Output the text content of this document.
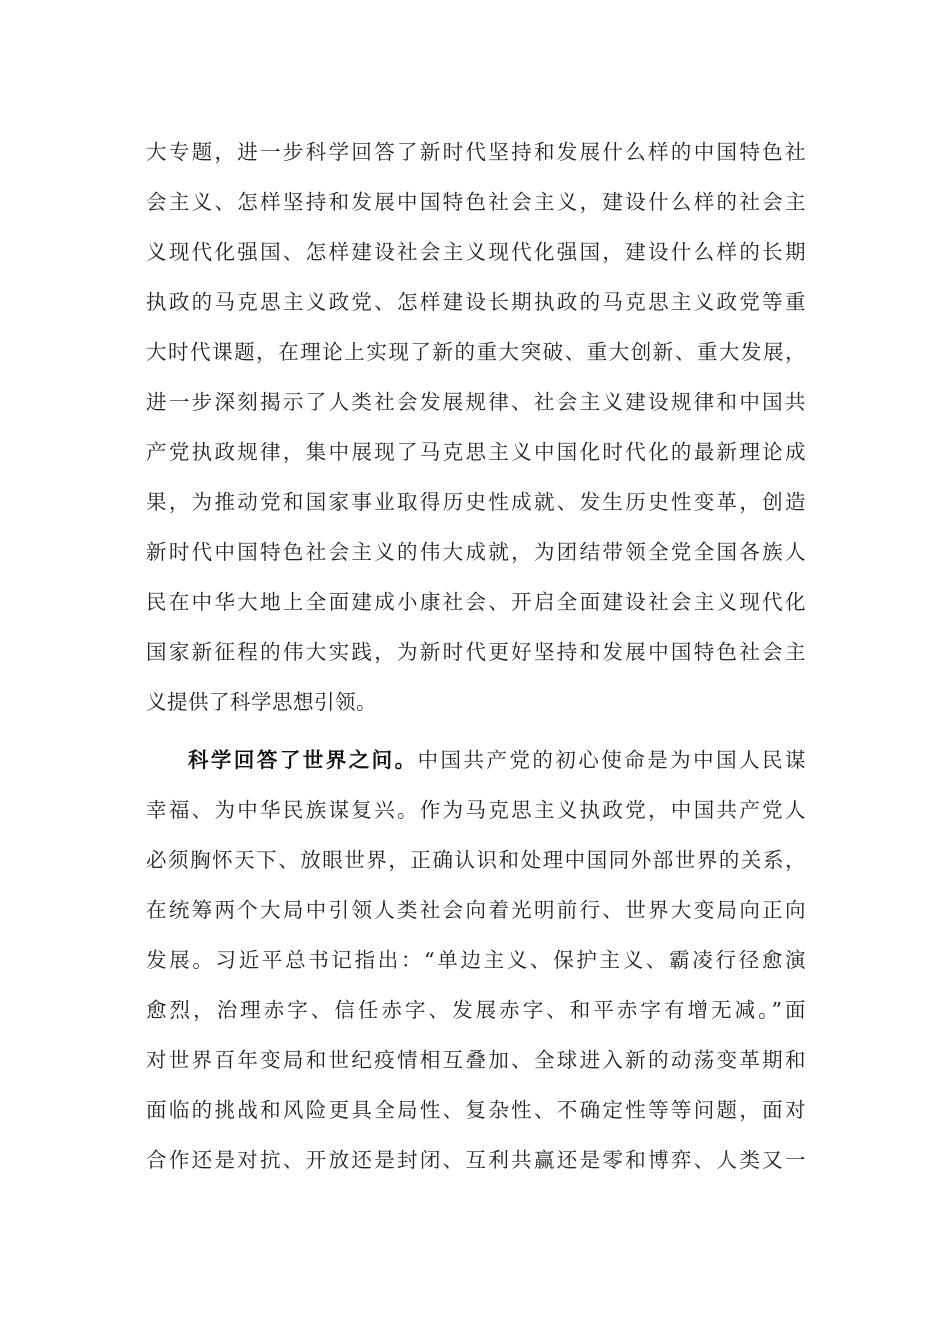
大专题，进一步科学回答了新时代坚持和发展什么样的中国特色社
会主义、怎样坚持和发展中国特色社会主义，建设什么样的社会主
义现代化强国、怎样建设社会主义现代化强国，建设什么样的长期
执政的马克思主义政党、怎样建设长期执政的马克思主义政党等重
大时代课题，在理论上实现了新的重大突破、重大创新、重大发展，
进一步深刻揭示了人类社会发展规律、社会主义建设规律和中国共
产党执政规律，集中展现了马克思主义中国化时代化的最新理论成
果，为推动党和国家事业取得历史性成就、发生历史性变革，创造
新时代中国特色社会主义的伟大成就，为团结带领全党全国各族人
民在中华大地上全面建成小康社会、开启全面建设社会主义现代化
国家新征程的伟大实践，为新时代更好坚持和发展中国特色社会主
义提供了科学思想引领。
科学回答了世界之问。中国共产党的初心使命是为中国人民谋
幸福、为中华民族谋复兴。作为马克思主义执政党，中国共产党人
必须胸怀天下、放眼世界，正确认识和处理中国同外部世界的关系，
在统筹两个大局中引领人类社会向着光明前行、世界大变局向正向
发展。习近平总书记指出：“单边主义、保护主义、霸凌行径愈演
愈烈，治理赤字、信任赤字、发展赤字、和平赤字有增无减。”面
对世界百年变局和世纪疫情相互叠加、全球进入新的动荡变革期和
面临的挑战和风险更具全局性、复杂性、不确定性等等问题，面对
合作还是对抗、开放还是封闭、互利共赢还是零和博弈、人类又一
